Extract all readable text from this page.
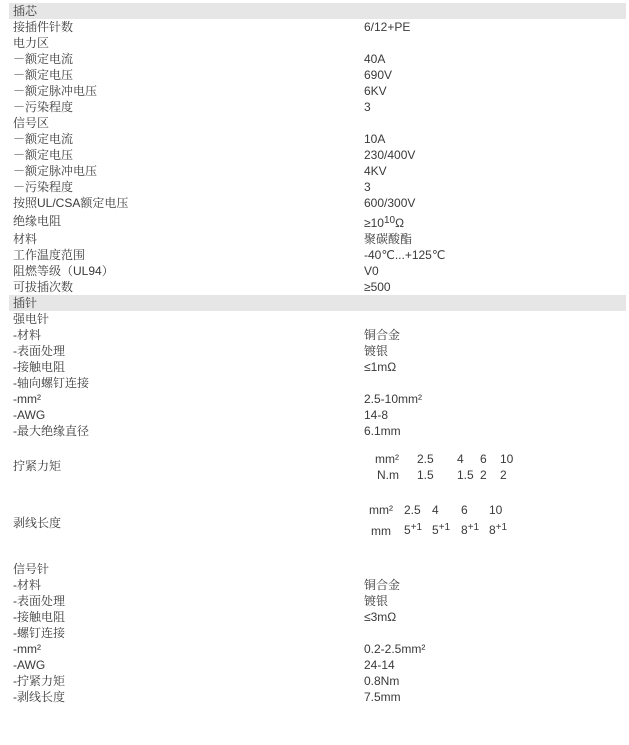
插芯
接插件针数	6/12+PE
电力区
－额定电流	40A
－额定电压	690V
－额定脉冲电压	6KV
－污染程度	3
信号区
－额定电流	10A
－额定电压	230/400V
－额定脉冲电压	4KV
－污染程度	3
按照UL/CSA额定电压	600/300V
绝缘电阻	$\ge 10^{10}\Omega$
材料	聚碳酸酯
工作温度范围	-40℃...+125℃
阻燃等级（UL94）	V0
可拔插次数	≥500
插针
强电针
-材料	铜合金
-表面处理	镀银
-接触电阻	≤1mΩ
-轴向螺钉连接
-mm²	2.5-10mm²
-AWG	14-8
-最大绝缘直径	6.1mm
拧紧力矩	mm²	2.5	4	6	10
N.m	1.5	1.5	2	2
剥线长度
mm²	2.5	4	6	10
mm	$5^{+1}$	$5^{+1}$	$8^{+1}$	$8^{+1}$
信号针
-材料	铜合金
-表面处理	镀银
-接触电阻	≤3mΩ
-螺钉连接
-mm²	0.2-2.5mm²
-AWG	24-14
-拧紧力矩	0.8Nm
-剥线长度	7.5mm
